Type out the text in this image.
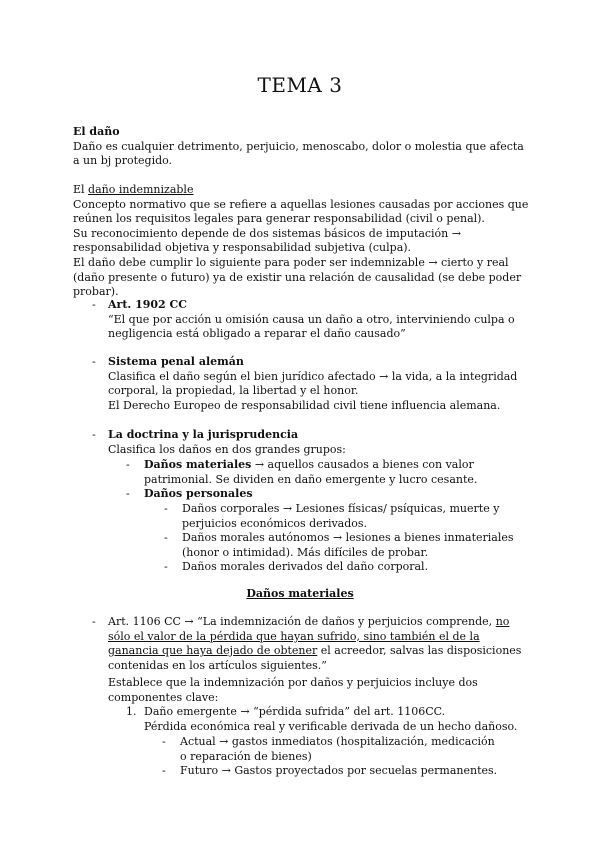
TEMA 3

El daño

Daño es cualquier detrimento, perjuicio, menoscabo, dolor o molestia que afecta a un bj protegido.

El daño indemnizable

Concepto normativo que se refiere a aquellas lesiones causadas por acciones que reúnen los requisitos legales para generar responsabilidad (civil o penal).

Su reconocimiento depende de dos sistemas básicos de imputación → responsabilidad objetiva y responsabilidad subjetiva (culpa).

El daño debe cumplir lo siguiente para poder ser indemnizable → cierto y real (daño presente o futuro) ya de existir una relación de causalidad (se debe poder probar).

-	Art. 1902 CC

“El que por acción u omisión causa un daño a otro, interviniendo culpa o negligencia está obligado a reparar el daño causado”

-	Sistema penal alemán

Clasifica el daño según el bien jurídico afectado → la vida, a la integridad corporal, la propiedad, la libertad y el honor.

El Derecho Europeo de responsabilidad civil tiene influencia alemana.

-	La doctrina y la jurisprudencia

Clasifica los daños en dos grandes grupos:

- Daños materiales → aquellos causados a bienes con valor patrimonial. Se dividen en daño emergente y lucro cesante.

- Daños personales

- Daños corporales → Lesiones físicas/ psíquicas, muerte y perjuicios económicos derivados.

- Daños morales autónomos → lesiones a bienes inmateriales (honor o intimidad). Más difíciles de probar.

- Daños morales derivados del daño corporal.

Daños materiales
-	Art. 1106 CC → “La indemnización de daños y perjuicios comprende, no sólo el valor de la pérdida que hayan sufrido, sino también el de la ganancia que haya dejado de obtener el acreedor, salvas las disposiciones contenidas en los artículos siguientes.”

Establece que la indemnización por daños y perjuicios incluye dos componentes clave:

1. Daño emergente → “pérdida sufrida” del art. 1106CC.

Pérdida económica real y verificable derivada de un hecho dañoso.

- Actual → gastos inmediatos (hospitalización, medicación o reparación de bienes)

- Futuro → Gastos proyectados por secuelas permanentes.
